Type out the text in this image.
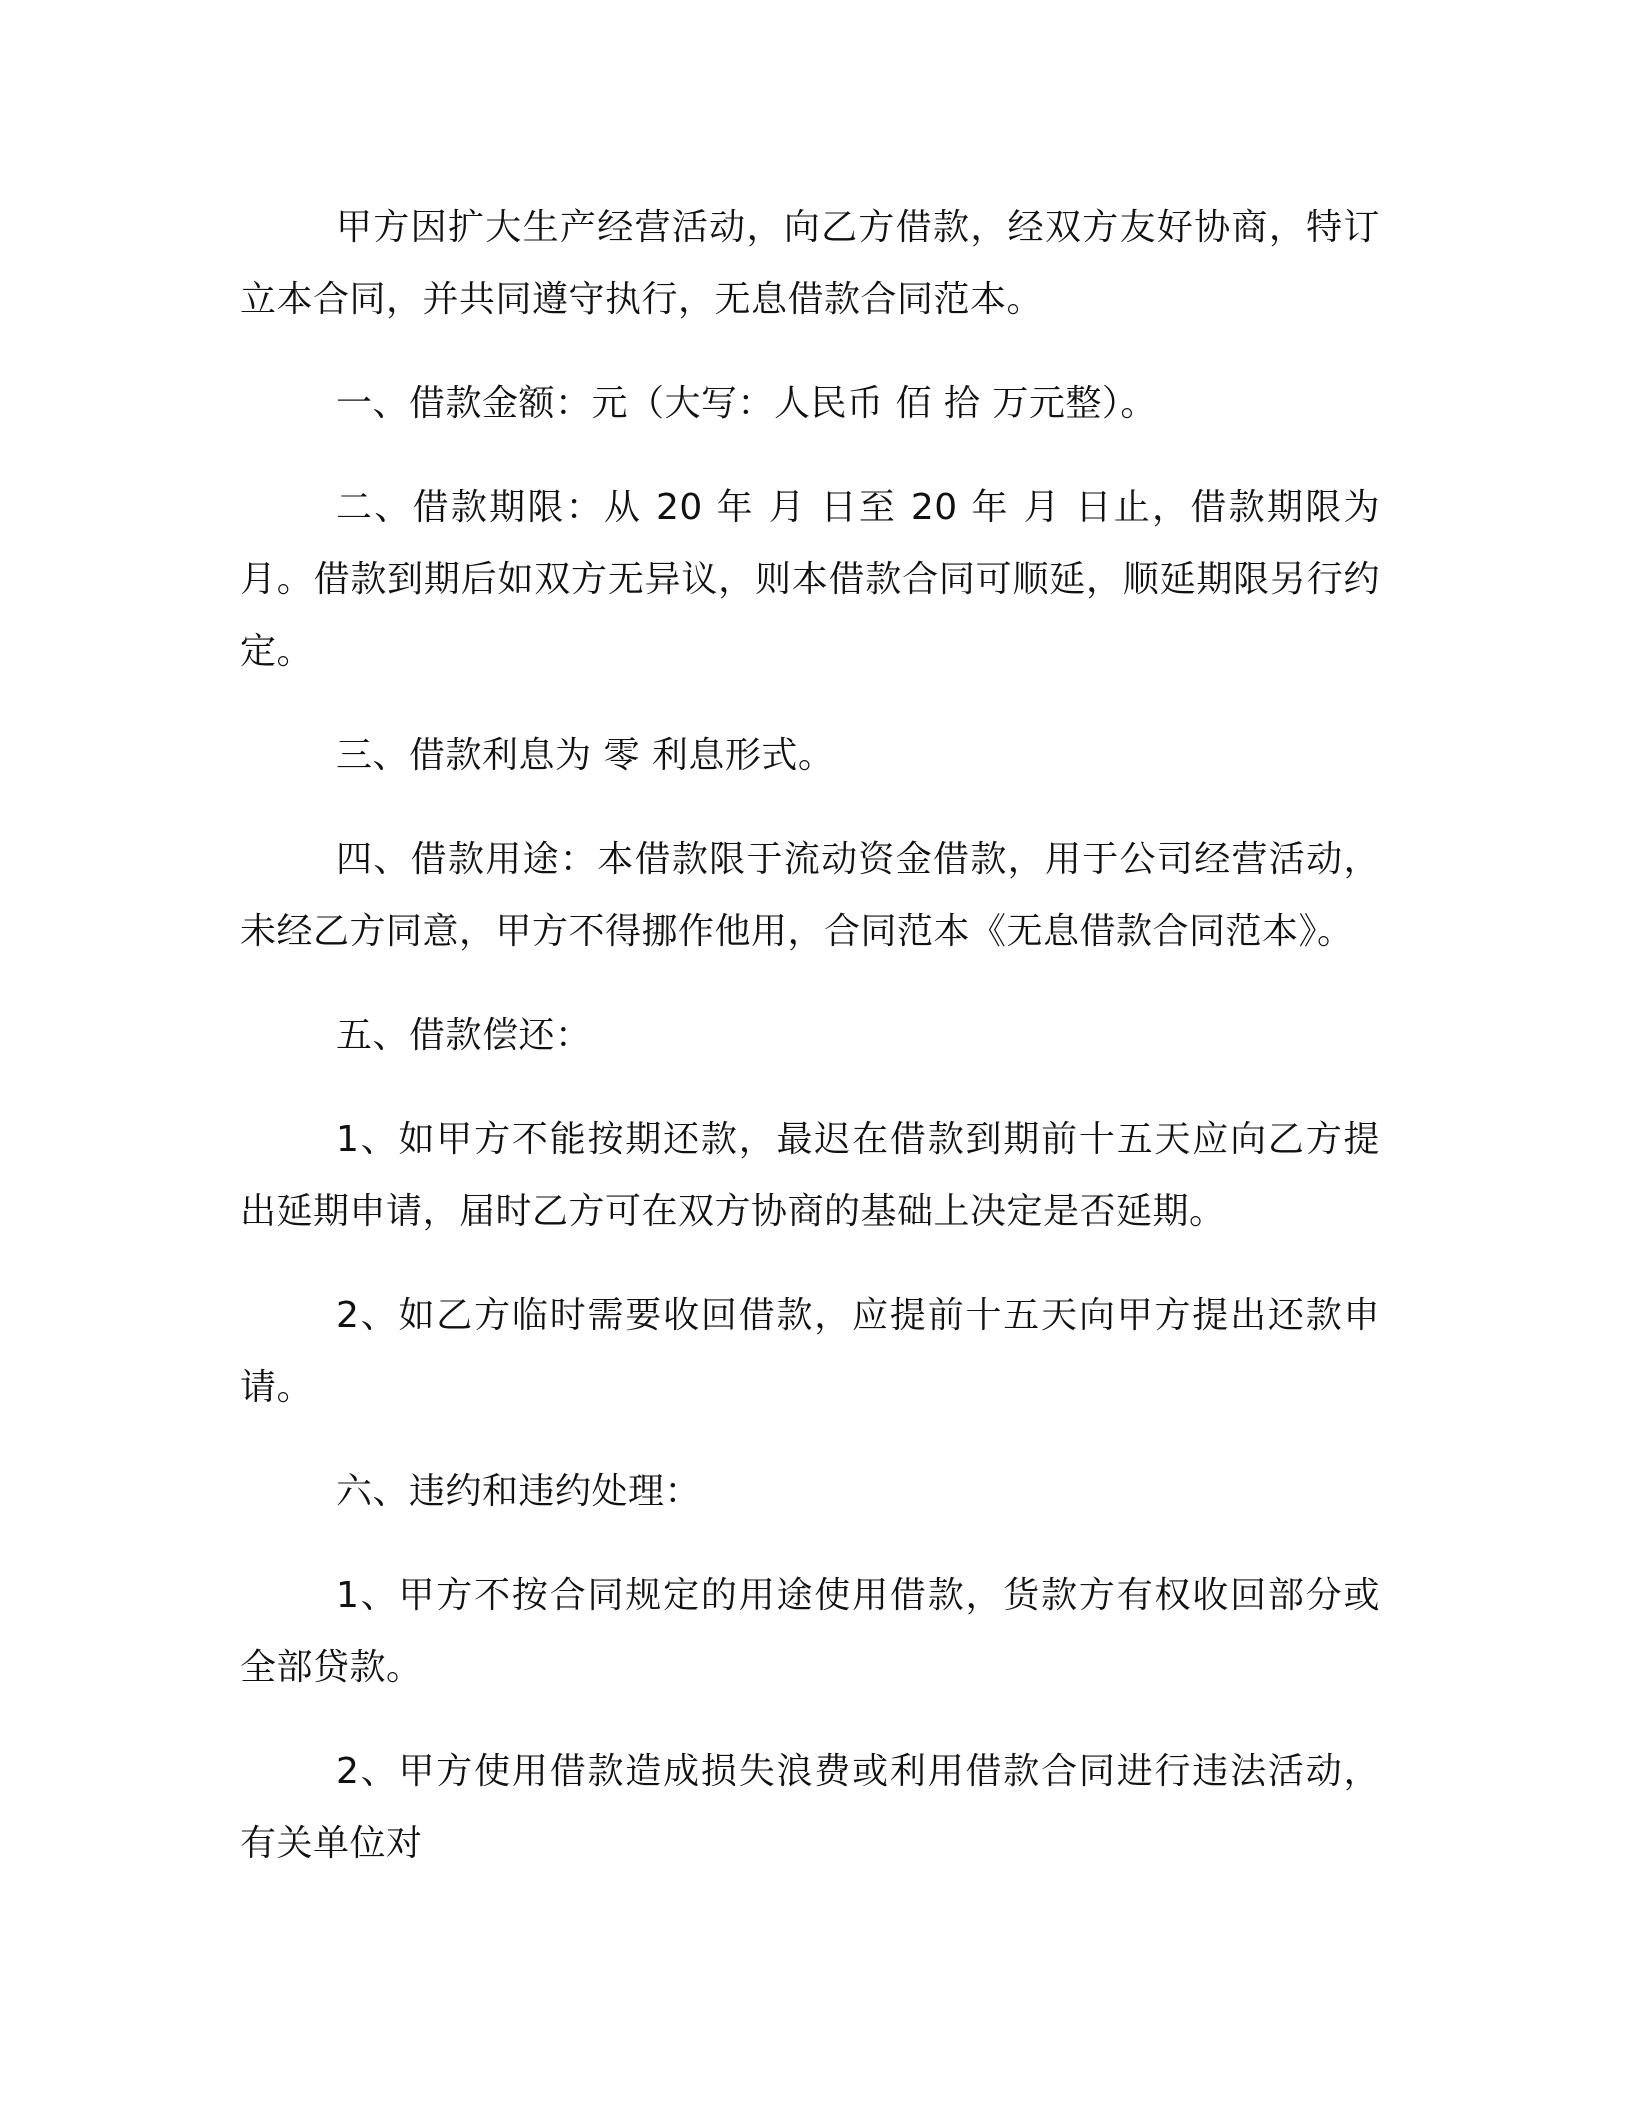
甲方因扩大生产经营活动，向乙方借款，经双方友好协商，特订立本合同，并共同遵守执行，无息借款合同范本。

一、借款金额：元（大写：人民币 佰 拾 万元整）。

二、借款期限：从 20 年 月 日至 20 年 月 日止，借款期限为 月。借款到期后如双方无异议，则本借款合同可顺延，顺延期限另行约定。

三、借款利息为 零 利息形式。

四、借款用途：本借款限于流动资金借款，用于公司经营活动，未经乙方同意，甲方不得挪作他用，合同范本《无息借款合同范本》。

五、借款偿还：

1、如甲方不能按期还款，最迟在借款到期前十五天应向乙方提出延期申请，届时乙方可在双方协商的基础上决定是否延期。

2、如乙方临时需要收回借款，应提前十五天向甲方提出还款申请。

六、违约和违约处理：

1、甲方不按合同规定的用途使用借款，货款方有权收回部分或全部贷款。

2、甲方使用借款造成损失浪费或利用借款合同进行违法活动，有关单位对
